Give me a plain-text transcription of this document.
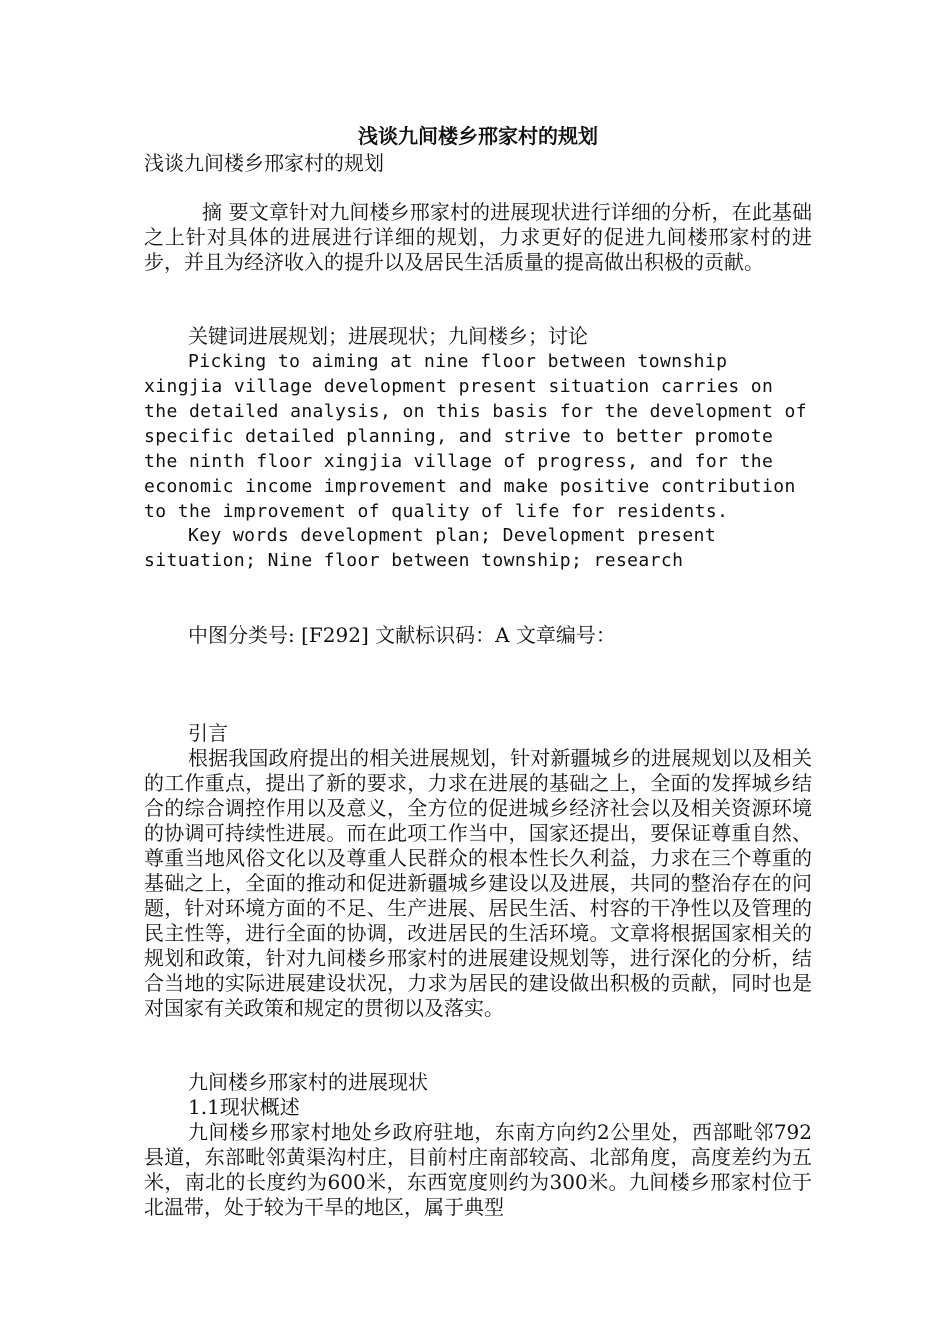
浅谈九间楼乡邢家村的规划

浅谈九间楼乡邢家村的规划

摘 要文章针对九间楼乡邢家村的进展现状进行详细的分析，在此基础之上针对具体的进展进行详细的规划，力求更好的促进九间楼邢家村的进步，并且为经济收入的提升以及居民生活质量的提高做出积极的贡献。

关键词进展规划；进展现状；九间楼乡；讨论

Picking to aiming at nine floor between township xingjia village development present situation carries on the detailed analysis, on this basis for the development of specific detailed planning, and strive to better promote the ninth floor xingjia village of progress, and for the economic income improvement and make positive contribution to the improvement of quality of life for residents.

Key words development plan; Development present situation; Nine floor between township; research

中图分类号: [F292] 文献标识码：A 文章编号：

引言

根据我国政府提出的相关进展规划，针对新疆城乡的进展规划以及相关的工作重点，提出了新的要求，力求在进展的基础之上，全面的发挥城乡结合的综合调控作用以及意义，全方位的促进城乡经济社会以及相关资源环境的协调可持续性进展。而在此项工作当中，国家还提出，要保证尊重自然、尊重当地风俗文化以及尊重人民群众的根本性长久利益，力求在三个尊重的基础之上，全面的推动和促进新疆城乡建设以及进展，共同的整治存在的问题，针对环境方面的不足、生产进展、居民生活、村容的干净性以及管理的民主性等，进行全面的协调，改进居民的生活环境。文章将根据国家相关的规划和政策，针对九间楼乡邢家村的进展建设规划等，进行深化的分析，结合当地的实际进展建设状况，力求为居民的建设做出积极的贡献，同时也是对国家有关政策和规定的贯彻以及落实。

九间楼乡邢家村的进展现状

1.1现状概述

九间楼乡邢家村地处乡政府驻地，东南方向约2公里处，西部毗邻792县道，东部毗邻黄渠沟村庄，目前村庄南部较高、北部角度，高度差约为五米，南北的长度约为600米，东西宽度则约为300米。九间楼乡邢家村位于北温带，处于较为干旱的地区，属于典型
